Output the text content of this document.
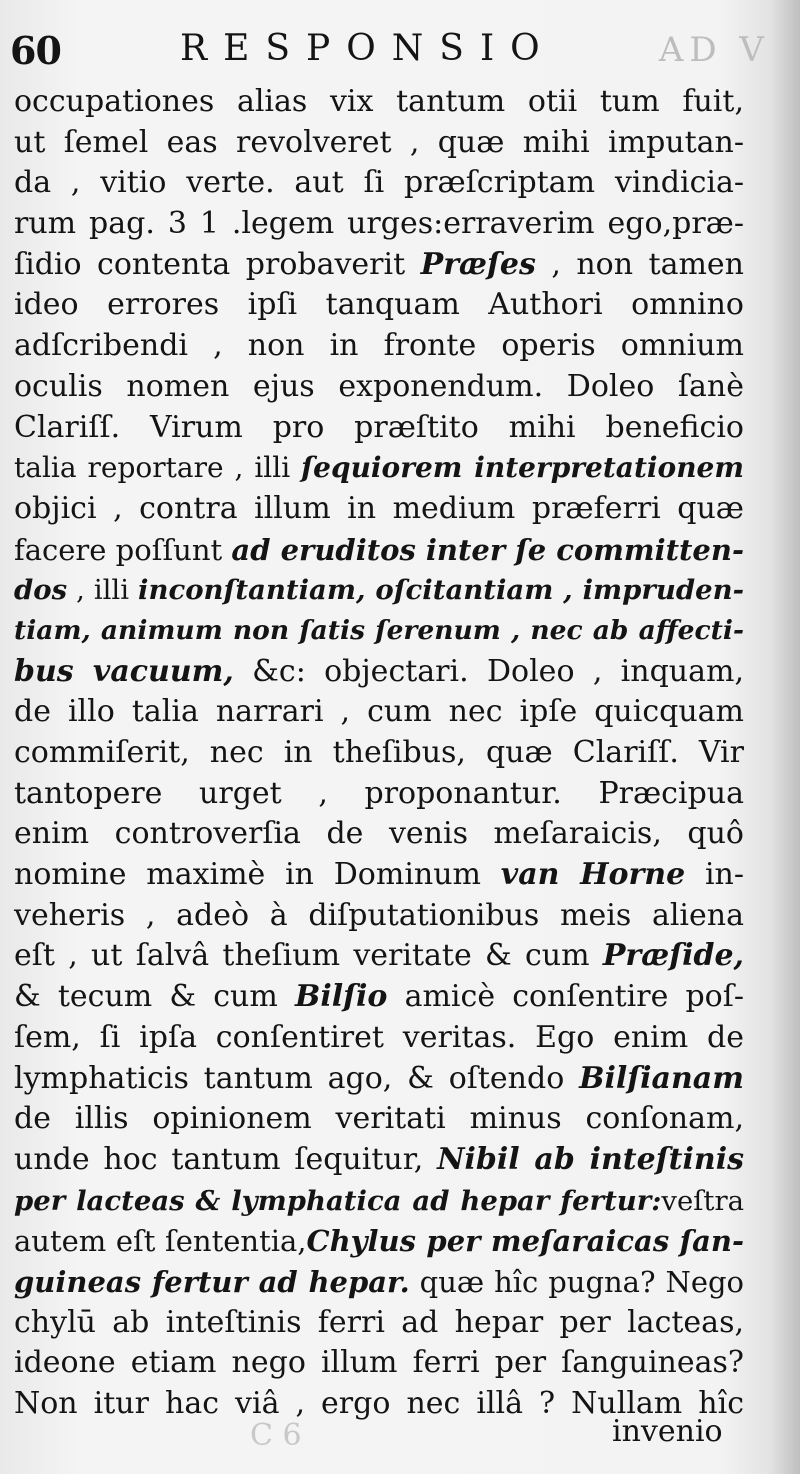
60	RESPONSIO	AD V
occupationes alias vix tantum otii tum fuit,
ut ſemel eas revolveret , quæ mihi imputan-
da , vitio verte. aut ſi præſcriptam vindicia-
rum pag. 3 1 .legem urges:erraverim ego,præ-
ſidio contenta probaverit Præſes , non tamen
ideo errores ipſi tanquam Authori omnino
adſcribendi , non in fronte operis omnium
oculis nomen ejus exponendum. Doleo ſanè
Clariſſ. Virum pro præſtito mihi beneficio
talia reportare , illi ſequiorem interpretationem
objici , contra illum in medium præferri quæ
facere poſſunt ad eruditos inter ſe committen-
dos , illi inconſtantiam, oſcitantiam , impruden-
tiam, animum non ſatis ſerenum , nec ab affecti-
bus vacuum, &c: objectari. Doleo , inquam,
de illo talia narrari , cum nec ipſe quicquam
commiſerit, nec in theſibus, quæ Clariſſ. Vir
tantopere urget , proponantur. Præcipua
enim controverſia de venis meſaraicis, quô
nomine maximè in Dominum van Horne in-
veheris , adeò à diſputationibus meis aliena
eſt , ut ſalvâ theſium veritate & cum Præſide,
& tecum & cum Bilſio amicè conſentire poſ-
ſem, ſi ipſa conſentiret veritas. Ego enim de
lymphaticis tantum ago, & oſtendo Bilſianam
de illis opinionem veritati minus conſonam,
unde hoc tantum ſequitur, Nibil ab inteſtinis
per lacteas & lymphatica ad hepar fertur:veſtra
autem eſt ſententia,Chylus per meſaraicas ſan-
guineas fertur ad hepar. quæ hîc pugna? Nego
chylū ab inteſtinis ferri ad hepar per lacteas,
ideone etiam nego illum ferri per ſanguineas?
Non itur hac viâ , ergo nec illâ ? Nullam hîc
C 6	invenio
